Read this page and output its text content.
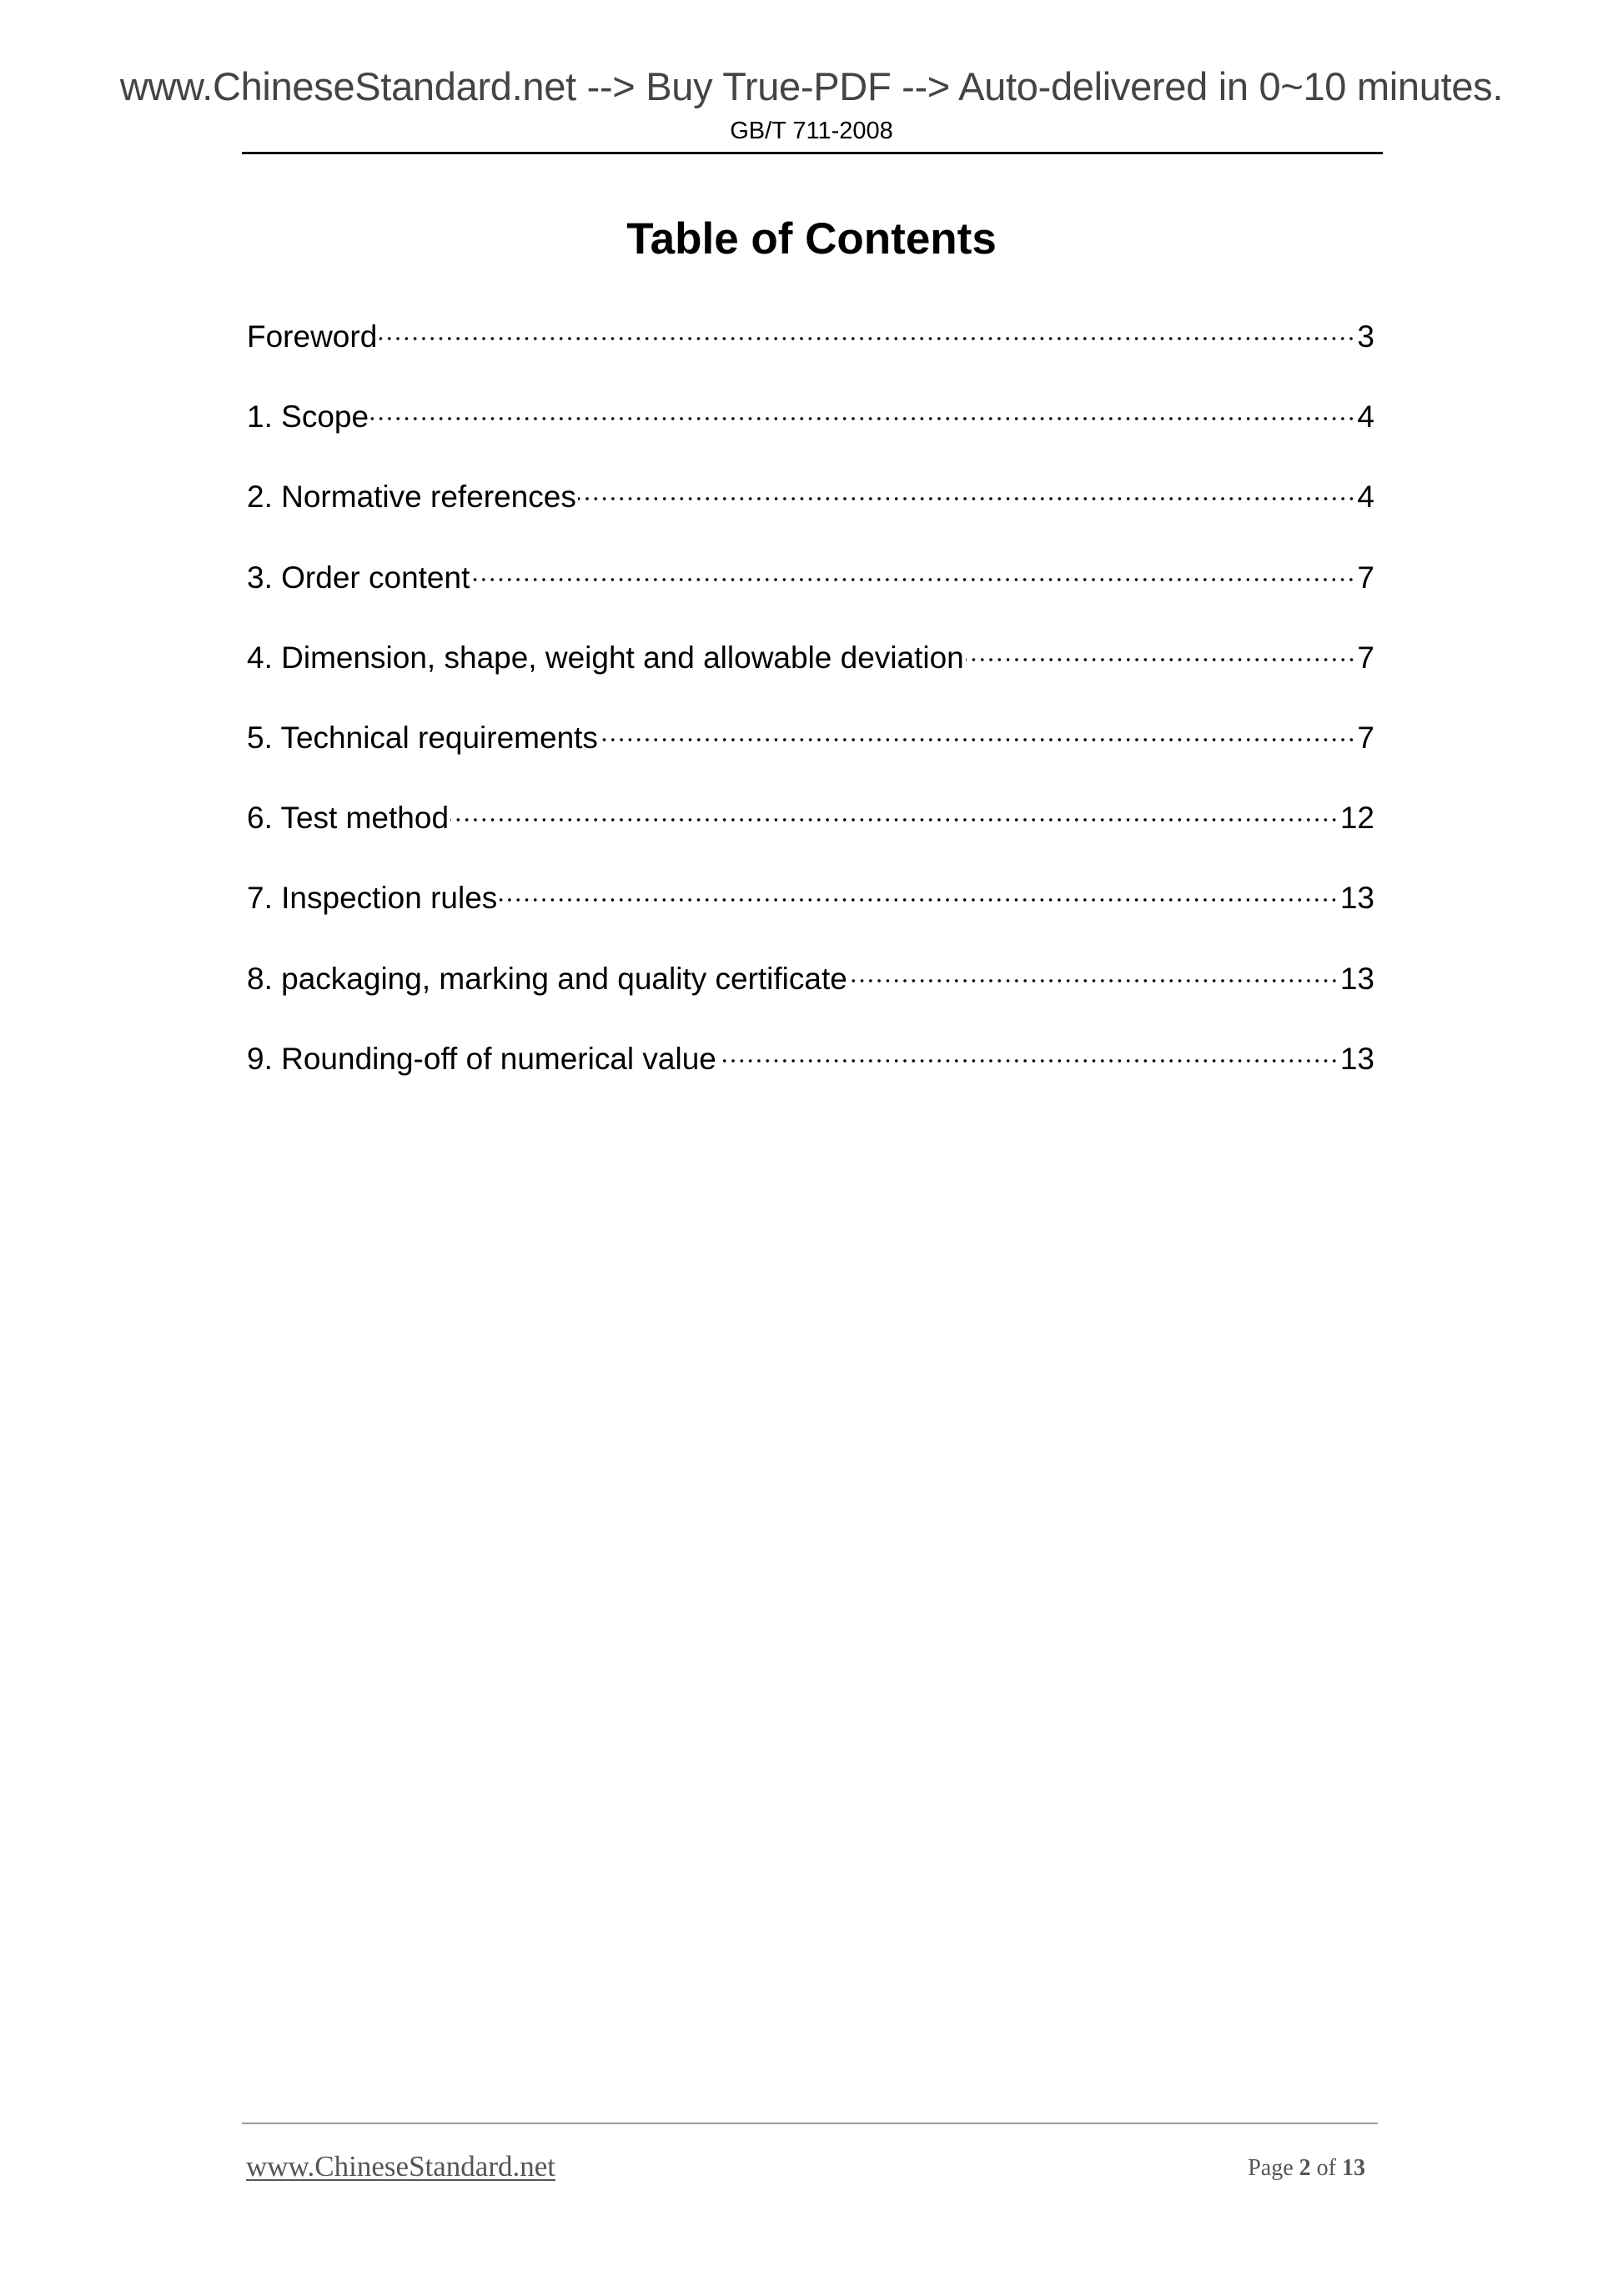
www.ChineseStandard.net --> Buy True-PDF --> Auto-delivered in 0~10 minutes.
GB/T 711-2008
Table of Contents
Foreword	3
1. Scope	4
2. Normative references	4
3. Order content	7
4. Dimension, shape, weight and allowable deviation	7
5. Technical requirements	7
6. Test method	12
7. Inspection rules	13
8. packaging, marking and quality certificate	13
9. Rounding-off of numerical value	13
www.ChineseStandard.net	Page 2 of 13
